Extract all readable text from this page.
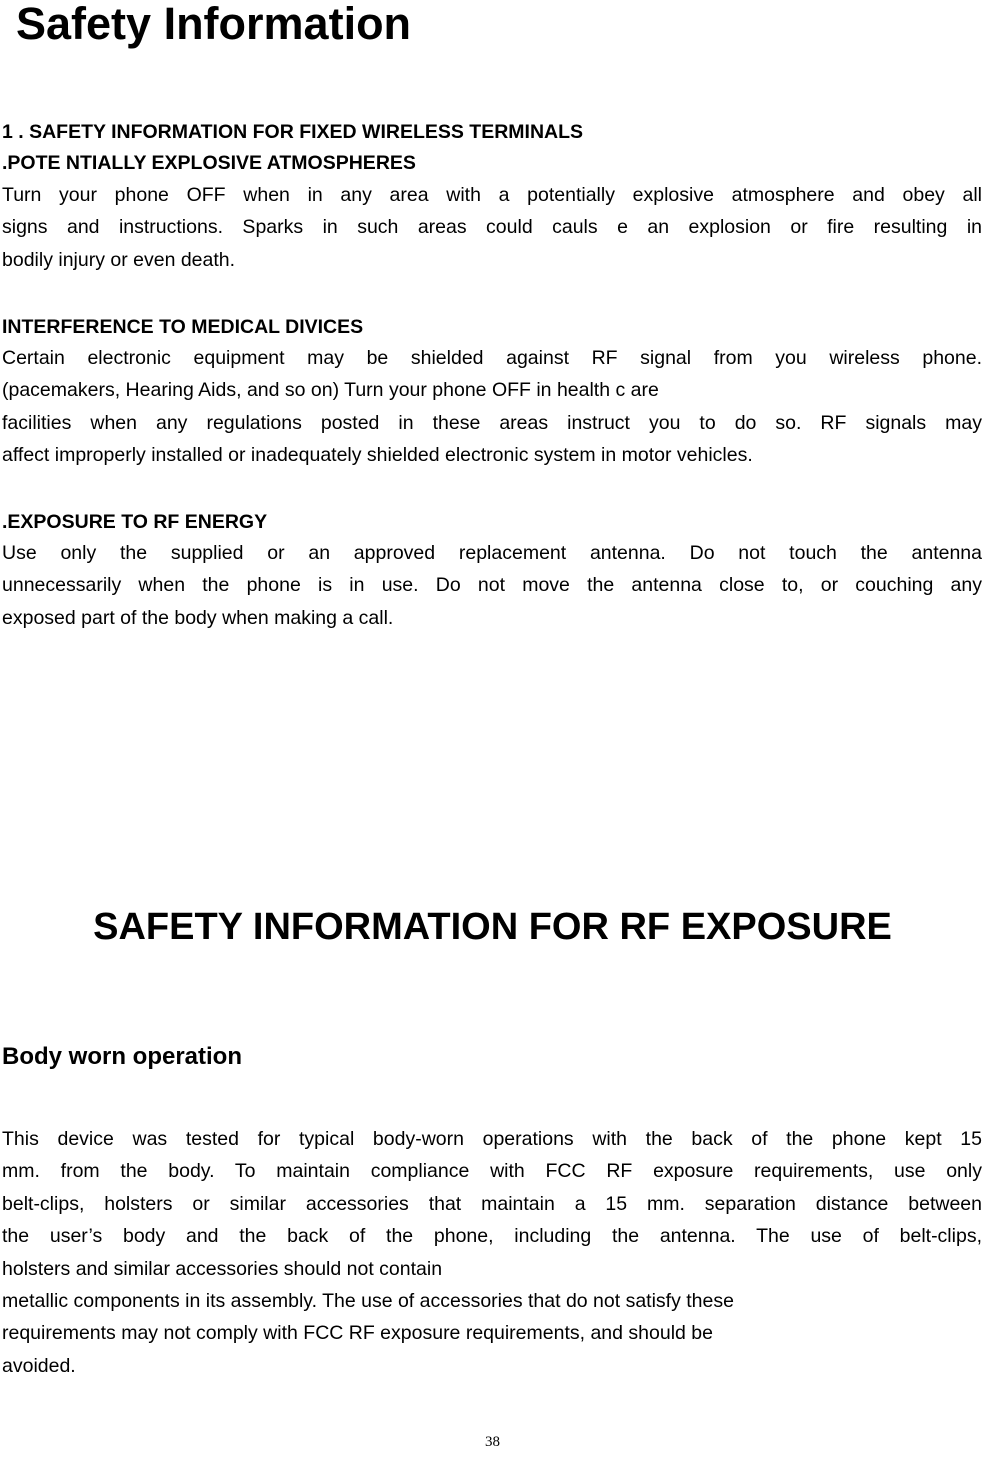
Safety Information
1 . SAFETY INFORMATION FOR FIXED WIRELESS TERMINALS
.POTE NTIALLY EXPLOSIVE ATMOSPHERES
Turn your phone OFF when in any area with a potentially explosive atmosphere and obey all
signs and instructions. Sparks in such areas could cauls e an explosion or fire resulting in
bodily injury or even death.
INTERFERENCE TO MEDICAL DIVICES
Certain electronic equipment may be shielded against RF signal from you wireless phone.
(pacemakers, Hearing Aids, and so on) Turn your phone OFF in health c are
facilities when any regulations posted in these areas instruct you to do so. RF signals may
affect improperly installed or inadequately shielded electronic system in motor vehicles.
.EXPOSURE TO RF ENERGY
Use only the supplied or an approved replacement antenna. Do not touch the antenna
unnecessarily when the phone is in use. Do not move the antenna close to, or couching any
exposed part of the body when making a call.
SAFETY INFORMATION FOR RF EXPOSURE
Body worn operation
This device was tested for typical body-worn operations with the back of the phone kept 15
mm. from the body. To maintain compliance with FCC RF exposure requirements, use only
belt-clips, holsters or similar accessories that maintain a 15 mm. separation distance between
the user’s body and the back of the phone, including the antenna. The use of belt-clips,
holsters and similar accessories should not contain
metallic components in its assembly. The use of accessories that do not satisfy these
requirements may not comply with FCC RF exposure requirements, and should be
avoided.
38
